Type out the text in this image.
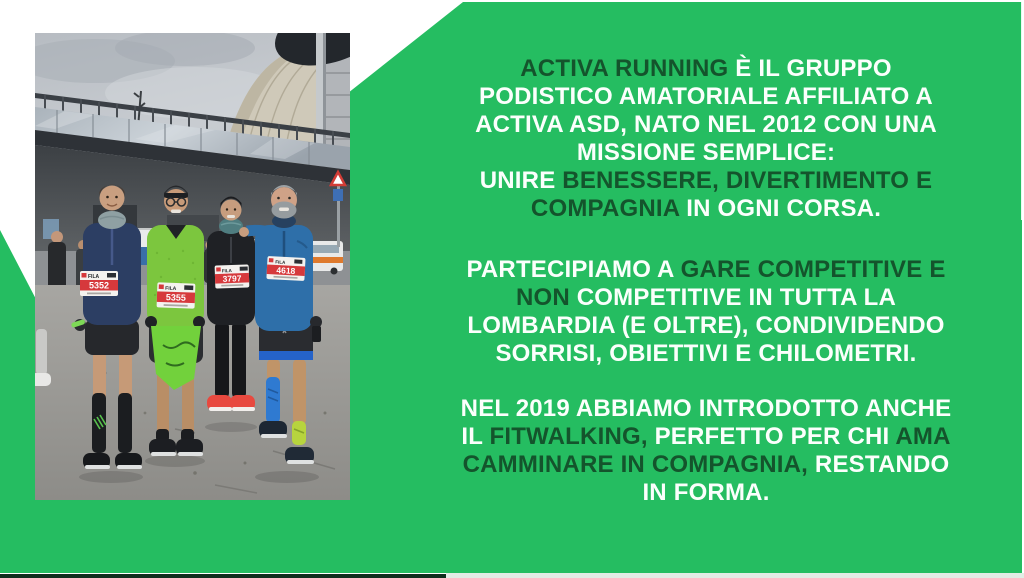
FILA
5352	FILA
5355
FILA
3797
FILA
4618

ACTIVA RUNNING È IL GRUPPO
PODISTICO AMATORIALE AFFILIATO A
ACTIVA ASD, NATO NEL 2012 CON UNA
MISSIONE SEMPLICE:
UNIRE BENESSERE, DIVERTIMENTO E
COMPAGNIA IN OGNI CORSA.

PARTECIPIAMO A GARE COMPETITIVE E
NON COMPETITIVE IN TUTTA LA
LOMBARDIA (E OLTRE), CONDIVIDENDO
SORRISI, OBIETTIVI E CHILOMETRI.

NEL 2019 ABBIAMO INTRODOTTO ANCHE
IL FITWALKING, PERFETTO PER CHI AMA
CAMMINARE IN COMPAGNIA, RESTANDO
IN FORMA.
